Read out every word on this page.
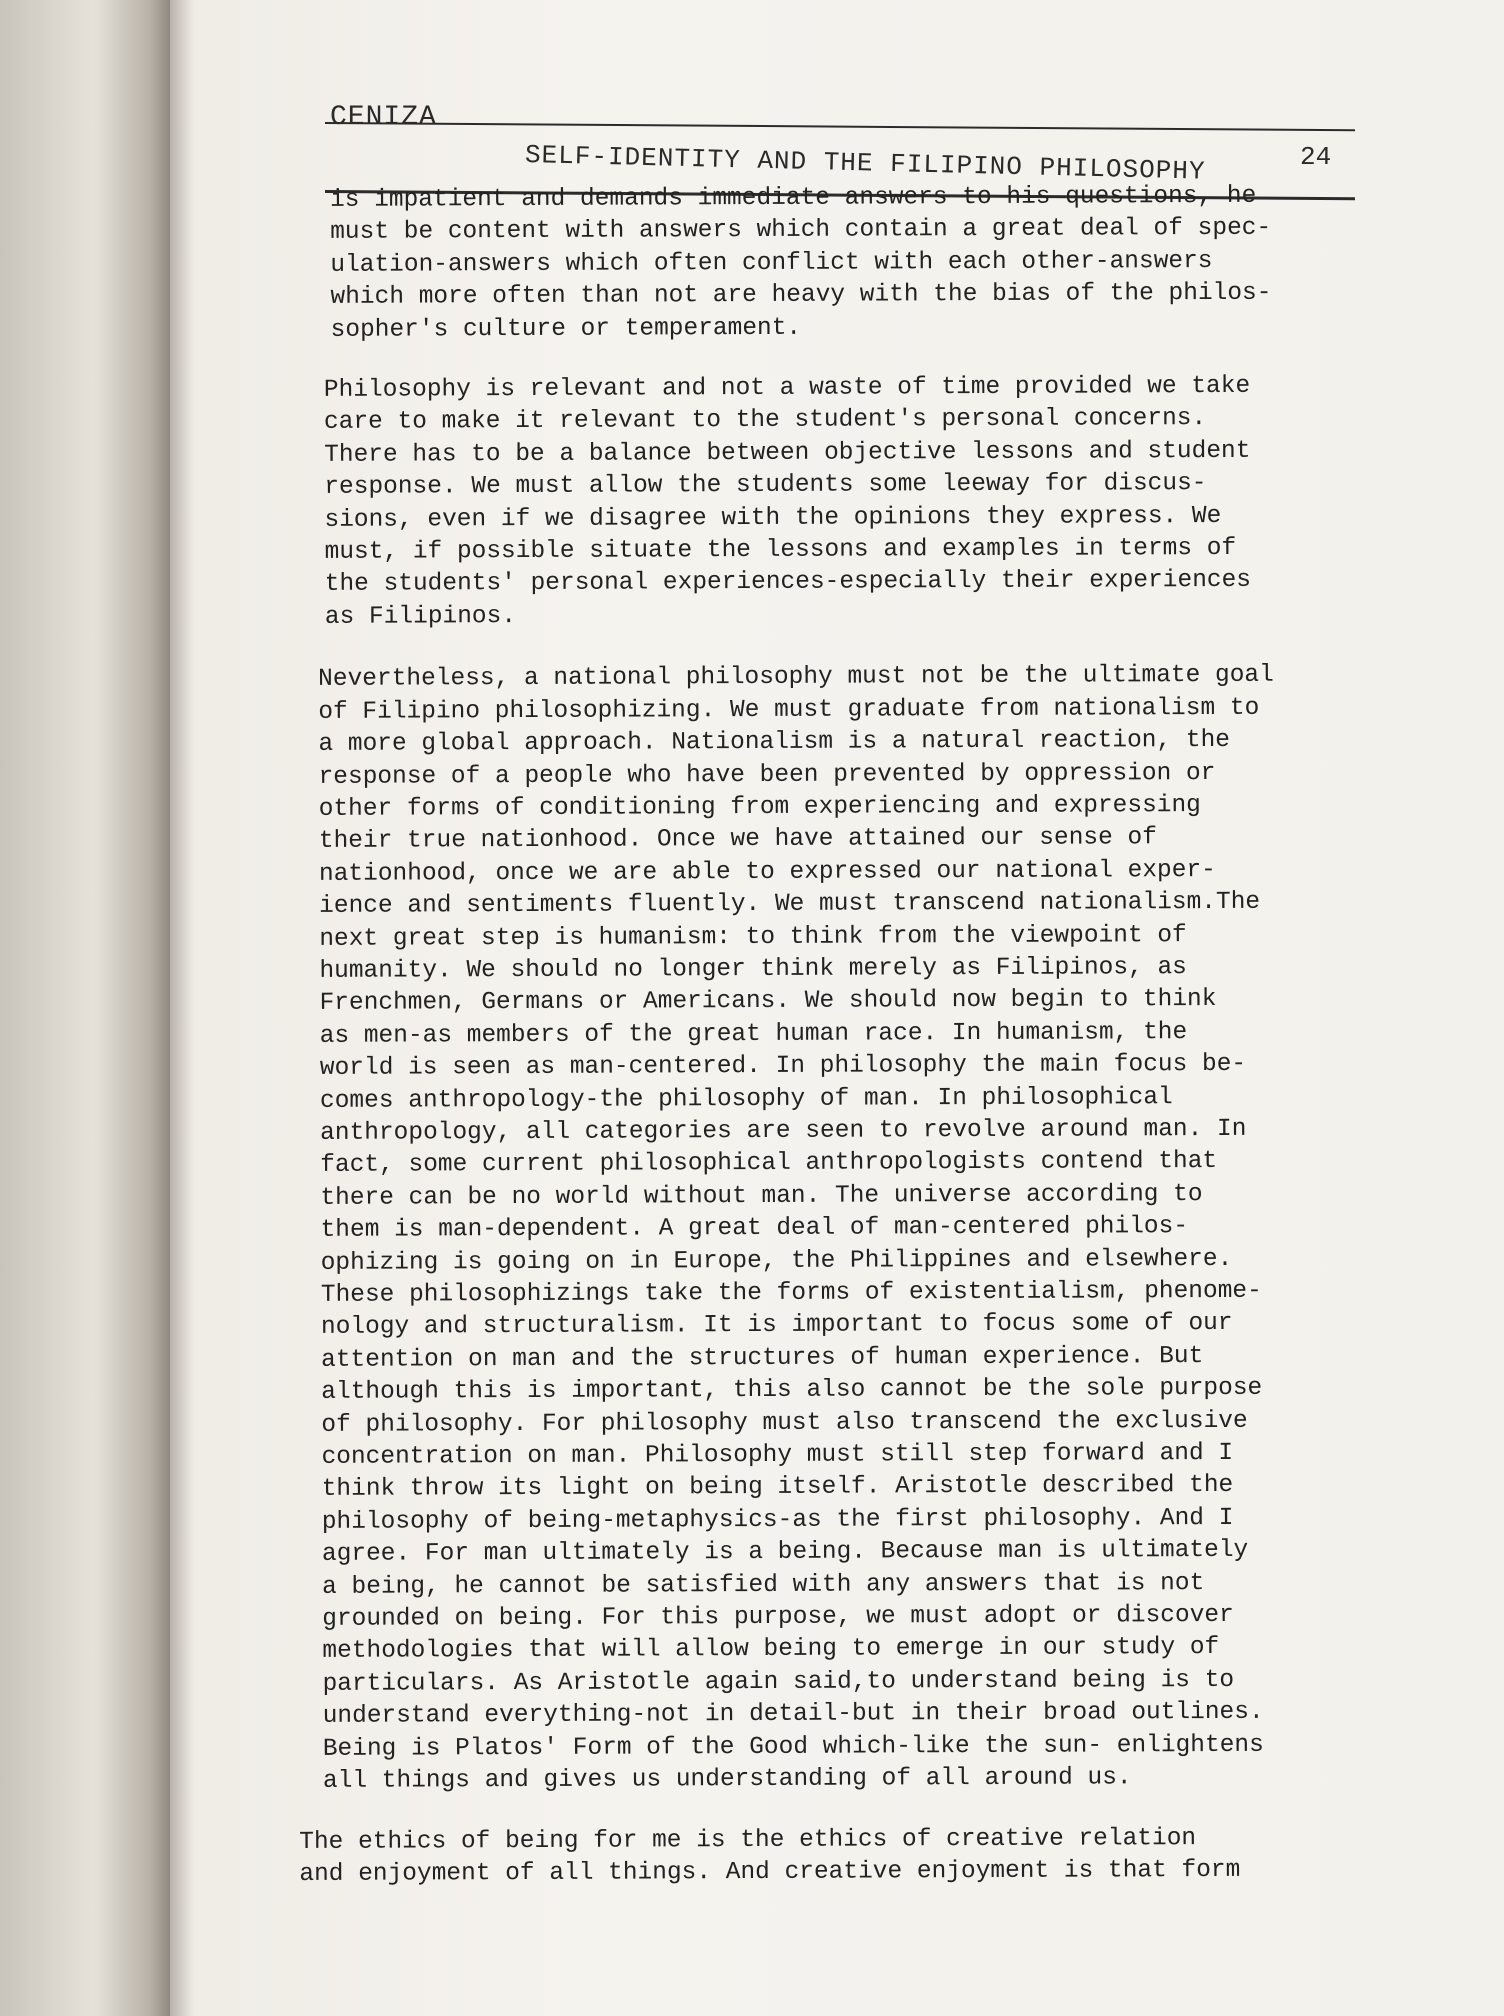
CENIZA
SELF-IDENTITY AND THE FILIPINO PHILOSOPHY	24
is impatient and demands immediate answers to his questions, he
must be content with answers which contain a great deal of spec-
ulation-answers which often conflict with each other-answers
which more often than not are heavy with the bias of the philos-
sopher's culture or temperament.
Philosophy is relevant and not a waste of time provided we take
care to make it relevant to the student's personal concerns.
There has to be a balance between objective lessons and student
response. We must allow the students some leeway for discus-
sions, even if we disagree with the opinions they express. We
must, if possible situate the lessons and examples in terms of
the students' personal experiences-especially their experiences
as Filipinos.
Nevertheless, a national philosophy must not be the ultimate goal
of Filipino philosophizing. We must graduate from nationalism to
a more global approach. Nationalism is a natural reaction, the
response of a people who have been prevented by oppression or
other forms of conditioning from experiencing and expressing
their true nationhood. Once we have attained our sense of
nationhood, once we are able to expressed our national exper-
ience and sentiments fluently. We must transcend nationalism.The
next great step is humanism: to think from the viewpoint of
humanity. We should no longer think merely as Filipinos, as
Frenchmen, Germans or Americans. We should now begin to think
as men-as members of the great human race. In humanism, the
world is seen as man-centered. In philosophy the main focus be-
comes anthropology-the philosophy of man. In philosophical
anthropology, all categories are seen to revolve around man. In
fact, some current philosophical anthropologists contend that
there can be no world without man. The universe according to
them is man-dependent. A great deal of man-centered philos-
ophizing is going on in Europe, the Philippines and elsewhere.
These philosophizings take the forms of existentialism, phenome-
nology and structuralism. It is important to focus some of our
attention on man and the structures of human experience. But
although this is important, this also cannot be the sole purpose
of philosophy. For philosophy must also transcend the exclusive
concentration on man. Philosophy must still step forward and I
think throw its light on being itself. Aristotle described the
philosophy of being-metaphysics-as the first philosophy. And I
agree. For man ultimately is a being. Because man is ultimately
a being, he cannot be satisfied with any answers that is not
grounded on being. For this purpose, we must adopt or discover
methodologies that will allow being to emerge in our study of
particulars. As Aristotle again said,to understand being is to
understand everything-not in detail-but in their broad outlines.
Being is Platos' Form of the Good which-like the sun- enlightens
all things and gives us understanding of all around us.
The ethics of being for me is the ethics of creative relation
and enjoyment of all things. And creative enjoyment is that form
